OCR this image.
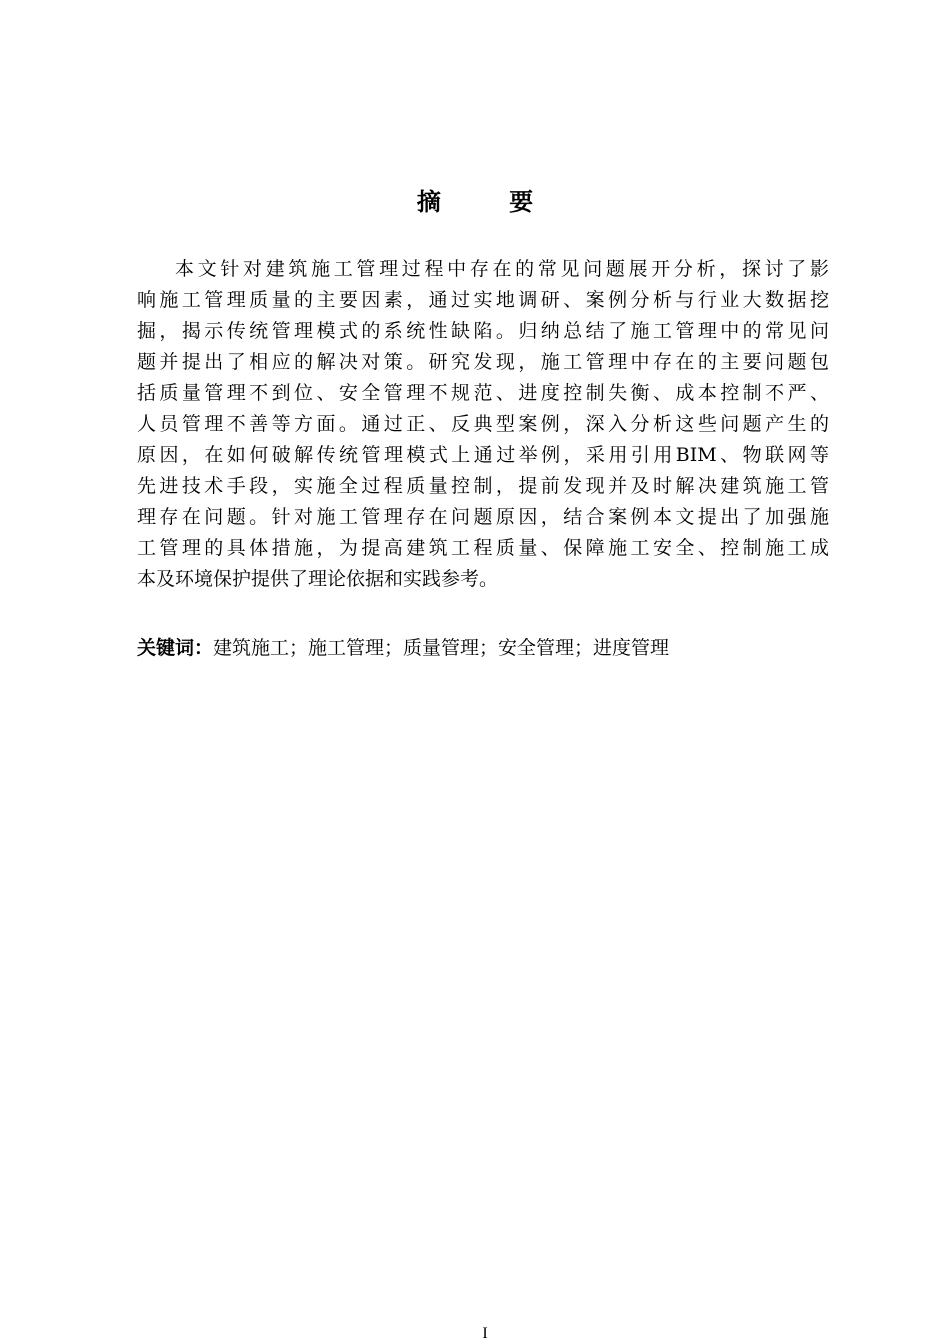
摘 要
本文针对建筑施工管理过程中存在的常见问题展开分析，探讨了影
响施工管理质量的主要因素，通过实地调研、案例分析与行业大数据挖
掘，揭示传统管理模式的系统性缺陷。归纳总结了施工管理中的常见问
题并提出了相应的解决对策。研究发现，施工管理中存在的主要问题包
括质量管理不到位、安全管理不规范、进度控制失衡、成本控制不严、
人员管理不善等方面。通过正、反典型案例，深入分析这些问题产生的
原因，在如何破解传统管理模式上通过举例，采用引用BIM、物联网等
先进技术手段，实施全过程质量控制，提前发现并及时解决建筑施工管
理存在问题。针对施工管理存在问题原因，结合案例本文提出了加强施
工管理的具体措施，为提高建筑工程质量、保障施工安全、控制施工成
本及环境保护提供了理论依据和实践参考。
关键词：建筑施工；施工管理；质量管理；安全管理；进度管理
I
